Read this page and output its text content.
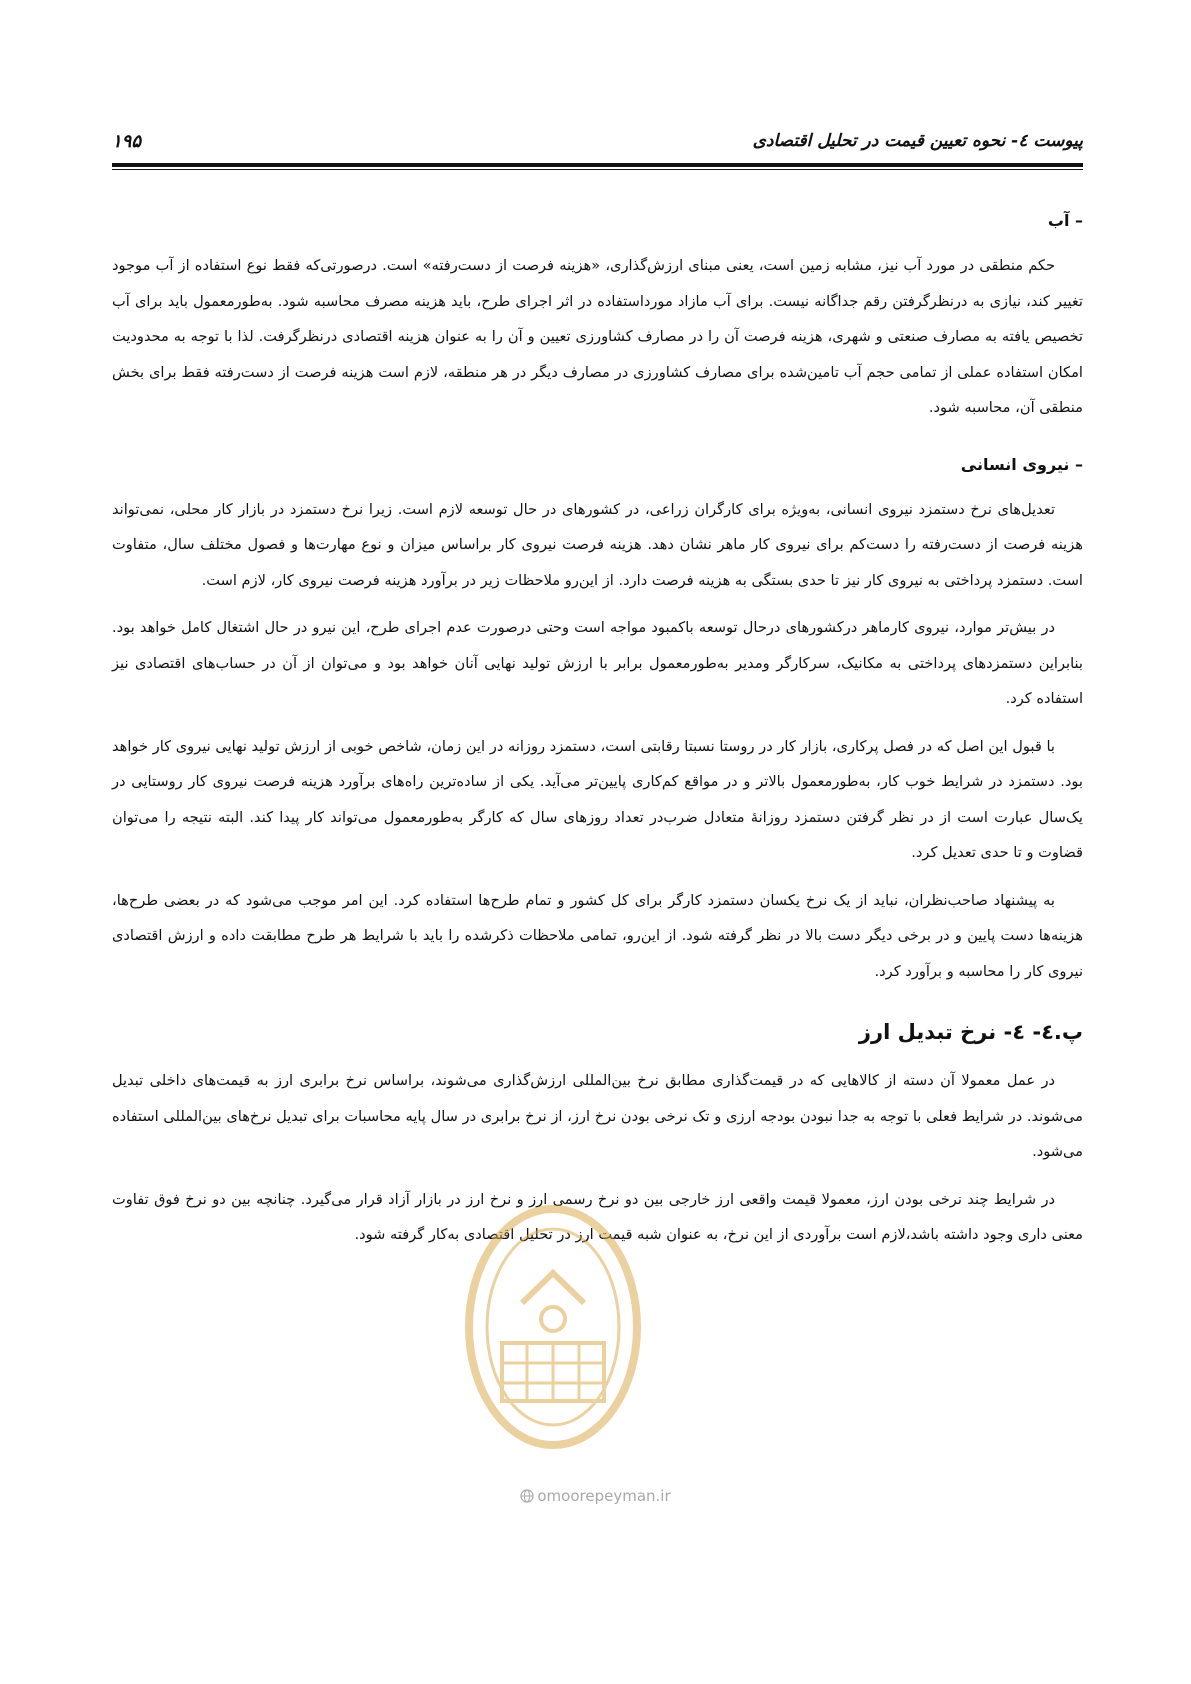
پیوست ٤- نحوه تعیین قیمت در تحلیل اقتصادی
۱۹۵
– آب

حکم منطقی در مورد آب نیز، مشابه زمین است، یعنی مبنای ارزش‌گذاری، «هزینه فرصت از دست‌رفته» است. درصورتی‌که فقط نوع استفاده از آب موجود تغییر کند، نیازی به درنظرگرفتن رقم جداگانه نیست. برای آب مازاد مورداستفاده در اثر اجرای طرح، باید هزینه مصرف محاسبه شود. به‌طورمعمول باید برای آب تخصیص یافته به مصارف صنعتی و شهری، هزینه فرصت آن را در مصارف کشاورزی تعیین و آن را به عنوان هزینه اقتصادی درنظرگرفت. لذا با توجه به محدودیت امکان استفاده عملی از تمامی حجم آب تامین‌شده برای مصارف کشاورزی در مصارف دیگر در هر منطقه، لازم است هزینه فرصت از دست‌رفته فقط برای بخش منطقی آن، محاسبه شود.

– نیروی انسانی

تعدیل‌های نرخ دستمزد نیروی انسانی، به‌ویژه برای کارگران زراعی، در کشورهای در حال توسعه لازم است. زیرا نرخ دستمزد در بازار کار محلی، نمی‌تواند هزینه فرصت از دست‌رفته را دست‌کم برای نیروی کار ماهر نشان دهد. هزینه فرصت نیروی کار براساس میزان و نوع مهارت‌ها و فصول مختلف سال، متفاوت است. دستمزد پرداختی به نیروی کار نیز تا حدی بستگی به هزینه فرصت دارد. از این‌رو ملاحظات زیر در برآورد هزینه فرصت نیروی کار، لازم است.

در بیش‌تر موارد، نیروی کارماهر درکشورهای درحال توسعه باکمبود مواجه است وحتی درصورت عدم اجرای طرح، این نیرو در حال اشتغال کامل خواهد بود. بنابراین دستمزدهای پرداختی به مکانیک، سرکارگر ومدیر به‌طورمعمول برابر با ارزش تولید نهایی آنان خواهد بود و می‌توان از آن در حساب‌های اقتصادی نیز استفاده کرد.

با قبول این اصل که در فصل پرکاری، بازار کار در روستا نسبتا رقابتی است، دستمزد روزانه در این زمان، شاخص خوبی از ارزش تولید نهایی نیروی کار خواهد بود. دستمزد در شرایط خوب کار، به‌طورمعمول بالاتر و در مواقع کم‌کاری پایین‌تر می‌آید. یکی از ساده‌ترین راه‌های برآورد هزینه فرصت نیروی کار روستایی در یک‌سال عبارت است از در نظر گرفتن دستمزد روزانهٔ متعادل ضرب‌در تعداد روزهای سال که کارگر به‌طورمعمول می‌تواند کار پیدا کند. البته نتیجه را می‌توان قضاوت و تا حدی تعدیل کرد.

به پیشنهاد صاحب‌نظران، نباید از یک نرخ یکسان دستمزد کارگر برای کل کشور و تمام طرح‌ها استفاده کرد. این امر موجب می‌شود که در بعضی طرح‌ها، هزینه‌ها دست پایین و در برخی دیگر دست بالا در نظر گرفته شود. از این‌رو، تمامی ملاحظات ذکرشده را باید با شرایط هر طرح مطابقت داده و ارزش اقتصادی نیروی کار را محاسبه و برآورد کرد.

پ.٤- ٤- نرخ تبدیل ارز

در عمل معمولا آن دسته از کالاهایی که در قیمت‌گذاری مطابق نرخ بین‌المللی ارزش‌گذاری می‌شوند، براساس نرخ برابری ارز به قیمت‌های داخلی تبدیل می‌شوند. در شرایط فعلی با توجه به جدا نبودن بودجه ارزی و تک نرخی بودن نرخ ارز، از نرخ برابری در سال پایه محاسبات برای تبدیل نرخ‌های بین‌المللی استفاده می‌شود.

در شرایط چند نرخی بودن ارز، معمولا قیمت واقعی ارز خارجی بین دو نرخ رسمی ارز و نرخ ارز در بازار آزاد قرار می‌گیرد. چنانچه بین دو نرخ فوق تفاوت معنی داری وجود داشته باشد،لازم است برآوردی از این نرخ، به عنوان شبه قیمت ارز در تحلیل اقتصادی به‌کار گرفته شود.

omoorepeyman.ir
